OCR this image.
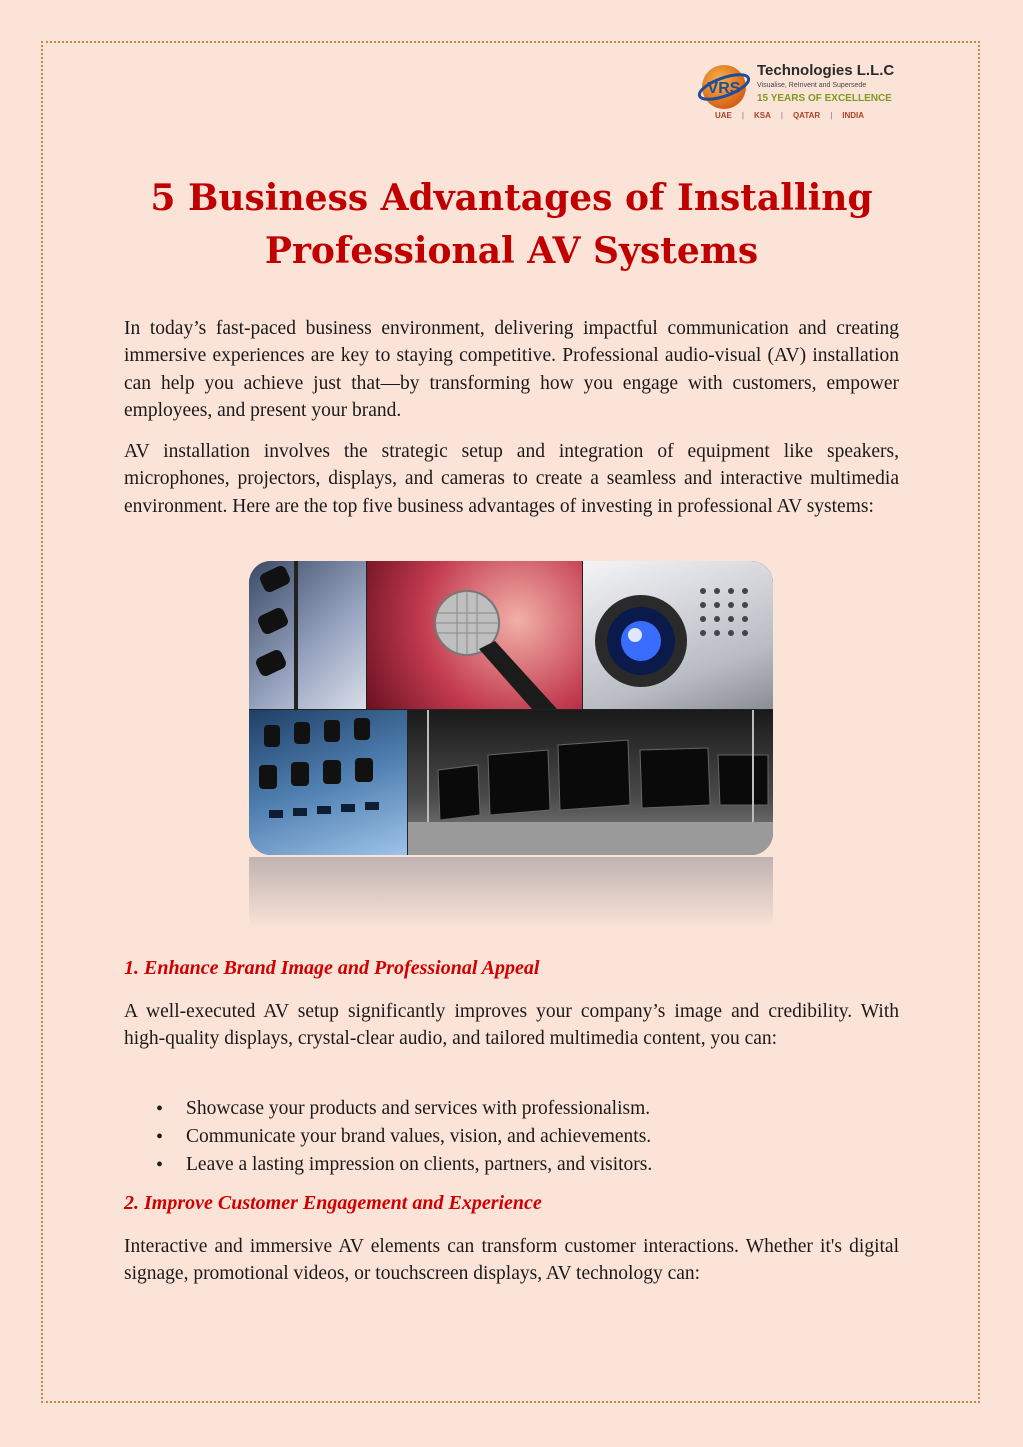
VRS
Technologies L.L.C
Visualise, ReInvent and Supersede
15 YEARS OF EXCELLENCE
UAE | KSA | QATAR | INDIA
5 Business Advantages of Installing
Professional AV Systems

In today’s fast-paced business environment, delivering impactful communication and creating immersive experiences are key to staying competitive. Professional audio-visual (AV) installation can help you achieve just that—by transforming how you engage with customers, empower employees, and present your brand.

AV installation involves the strategic setup and integration of equipment like speakers, microphones, projectors, displays, and cameras to create a seamless and interactive multimedia environment. Here are the top five business advantages of investing in professional AV systems:

1. Enhance Brand Image and Professional Appeal

A well-executed AV setup significantly improves your company’s image and credibility. With high-quality displays, crystal-clear audio, and tailored multimedia content, you can:

• Showcase your products and services with professionalism.
• Communicate your brand values, vision, and achievements.
• Leave a lasting impression on clients, partners, and visitors.
2. Improve Customer Engagement and Experience

Interactive and immersive AV elements can transform customer interactions. Whether it's digital signage, promotional videos, or touchscreen displays, AV technology can:
